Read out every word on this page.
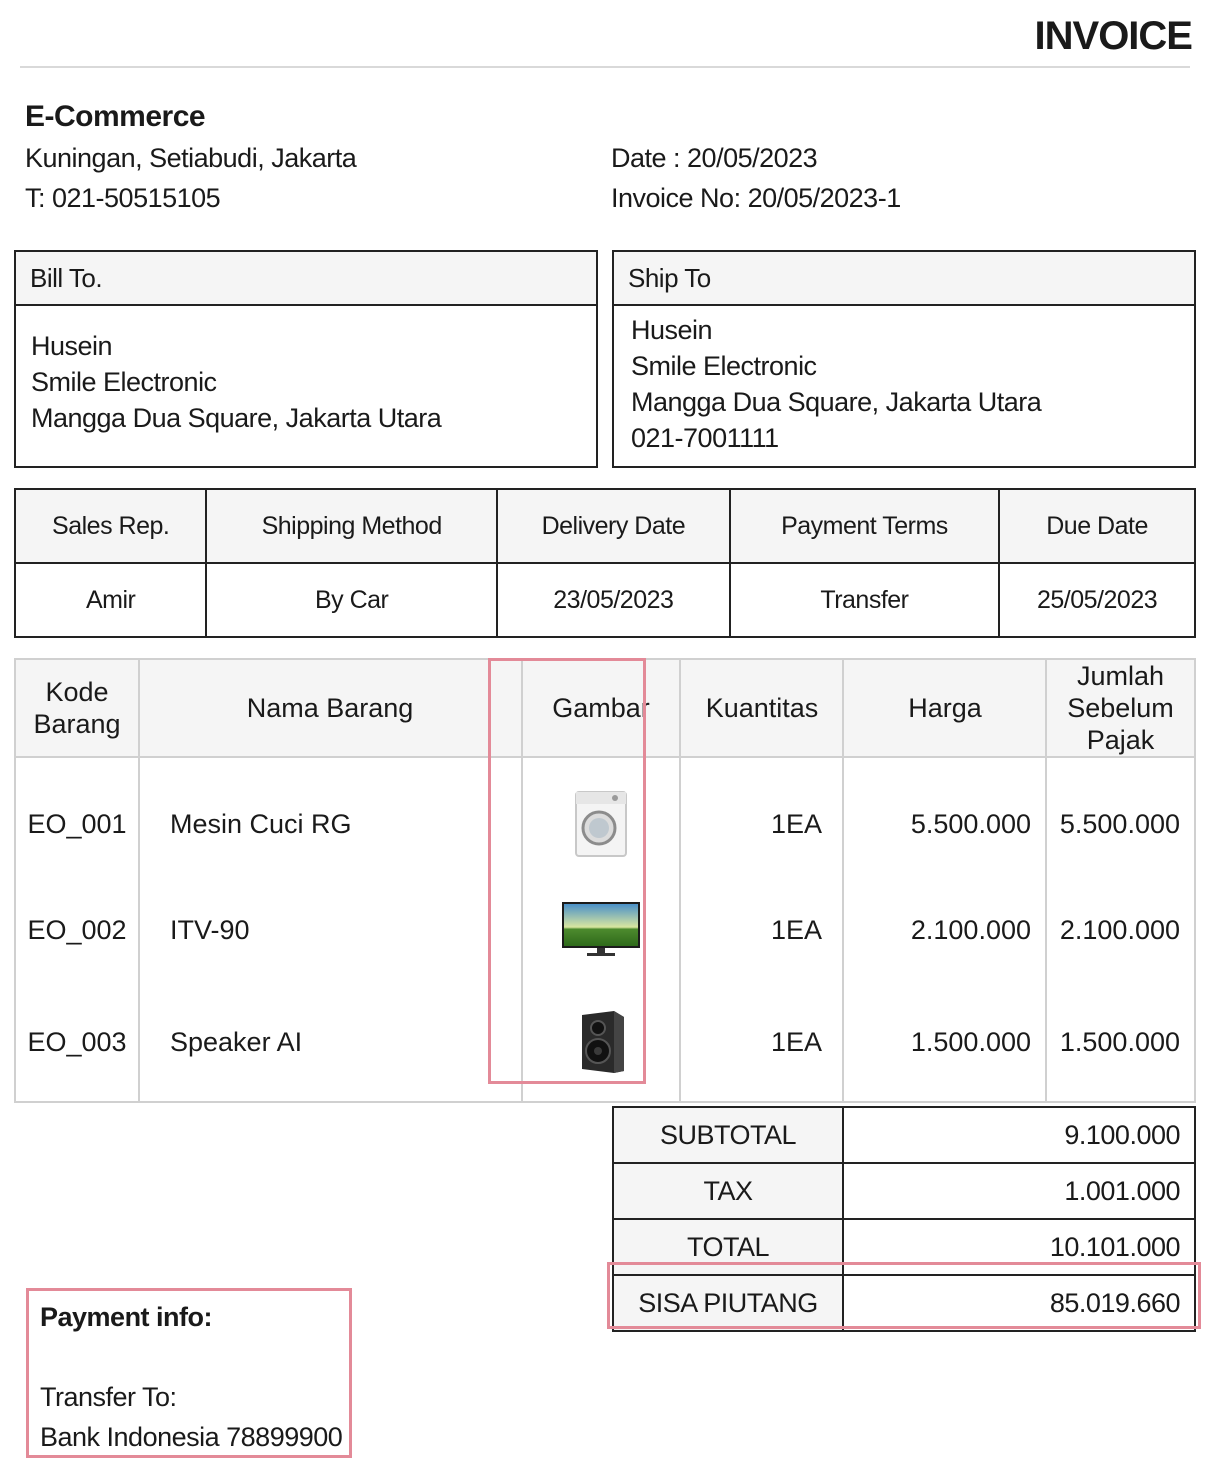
INVOICE
E-Commerce
Kuningan, Setiabudi, Jakarta
T: 021-50515105
Date : 20/05/2023
Invoice No: 20/05/2023-1
Bill To.
Husein
Smile Electronic
Mangga Dua Square, Jakarta Utara
Ship To
Husein
Smile Electronic
Mangga Dua Square, Jakarta Utara
021-7001111
Sales Rep.	Shipping Method	Delivery Date	Payment Terms	Due Date
Amir	By Car	23/05/2023	Transfer	25/05/2023
Kode Barang	Nama Barang	Gambar	Kuantitas	Harga	Jumlah Sebelum Pajak
EO_001	Mesin Cuci RG		1EA	5.500.000	5.500.000
EO_002	ITV-90		1EA	2.100.000	2.100.000
EO_003	Speaker AI		1EA	1.500.000	1.500.000
SUBTOTAL	9.100.000
TAX	1.001.000
TOTAL	10.101.000
SISA PIUTANG	85.019.660
Payment info:
Transfer To:
Bank Indonesia 78899900
